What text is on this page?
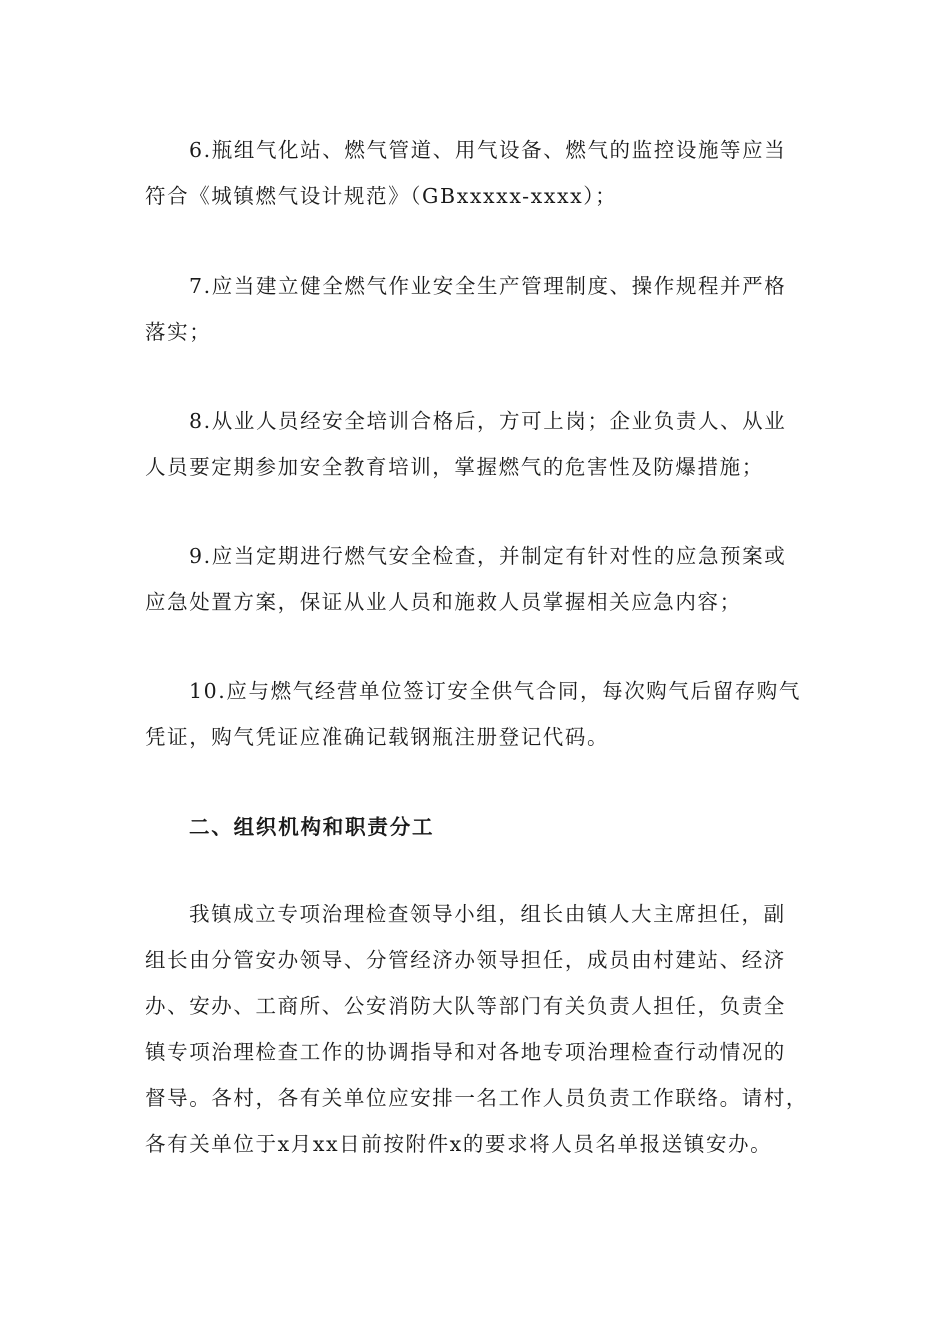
6.瓶组气化站、燃气管道、用气设备、燃气的监控设施等应当
符合《城镇燃气设计规范》（GBxxxxx-xxxx）；
7.应当建立健全燃气作业安全生产管理制度、操作规程并严格
落实；
8.从业人员经安全培训合格后，方可上岗；企业负责人、从业
人员要定期参加安全教育培训，掌握燃气的危害性及防爆措施；
9.应当定期进行燃气安全检查，并制定有针对性的应急预案或
应急处置方案，保证从业人员和施救人员掌握相关应急内容；
10.应与燃气经营单位签订安全供气合同，每次购气后留存购气
凭证，购气凭证应准确记载钢瓶注册登记代码。
二、组织机构和职责分工
我镇成立专项治理检查领导小组，组长由镇人大主席担任，副
组长由分管安办领导、分管经济办领导担任，成员由村建站、经济
办、安办、工商所、公安消防大队等部门有关负责人担任，负责全
镇专项治理检查工作的协调指导和对各地专项治理检查行动情况的
督导。各村，各有关单位应安排一名工作人员负责工作联络。请村，
各有关单位于x月xx日前按附件x的要求将人员名单报送镇安办。
